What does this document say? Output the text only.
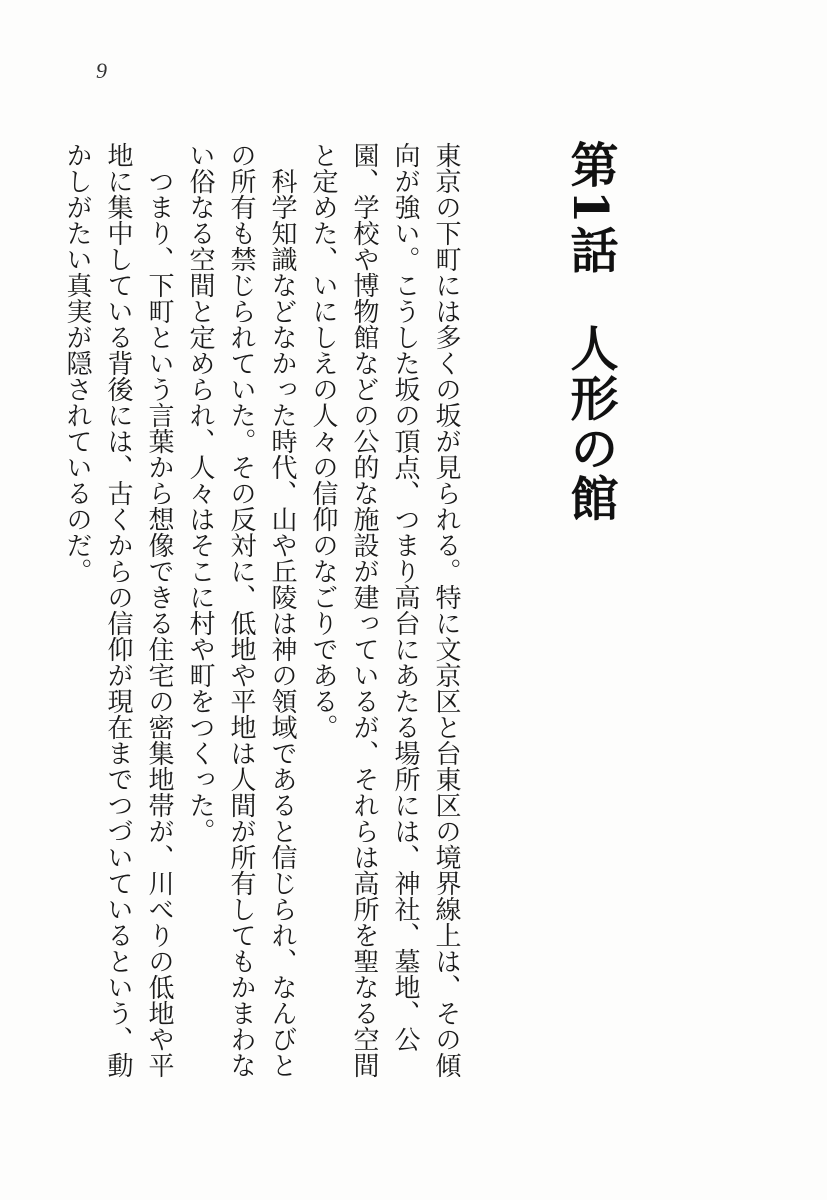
9
第1話人形の館

東京の下町には多くの坂が見られる。特に文京区と台東区の境界線上は、その傾向が強い。こうした坂の頂点、つまり高台にあたる場所には、神社、墓地、公園、学校や博物館などの公的な施設が建っているが、それらは高所を聖なる空間と定めた、いにしえの人々の信仰のなごりである。

科学知識などなかった時代、山や丘陵は神の領域であると信じられ、なんびとの所有も禁じられていた。その反対に、低地や平地は人間が所有してもかまわない俗なる空間と定められ、人々はそこに村や町をつくった。

つまり、下町という言葉から想像できる住宅の密集地帯が、川べりの低地や平地に集中している背後には、古くからの信仰が現在までつづいているという、動かしがたい真実が隠されているのだ。
